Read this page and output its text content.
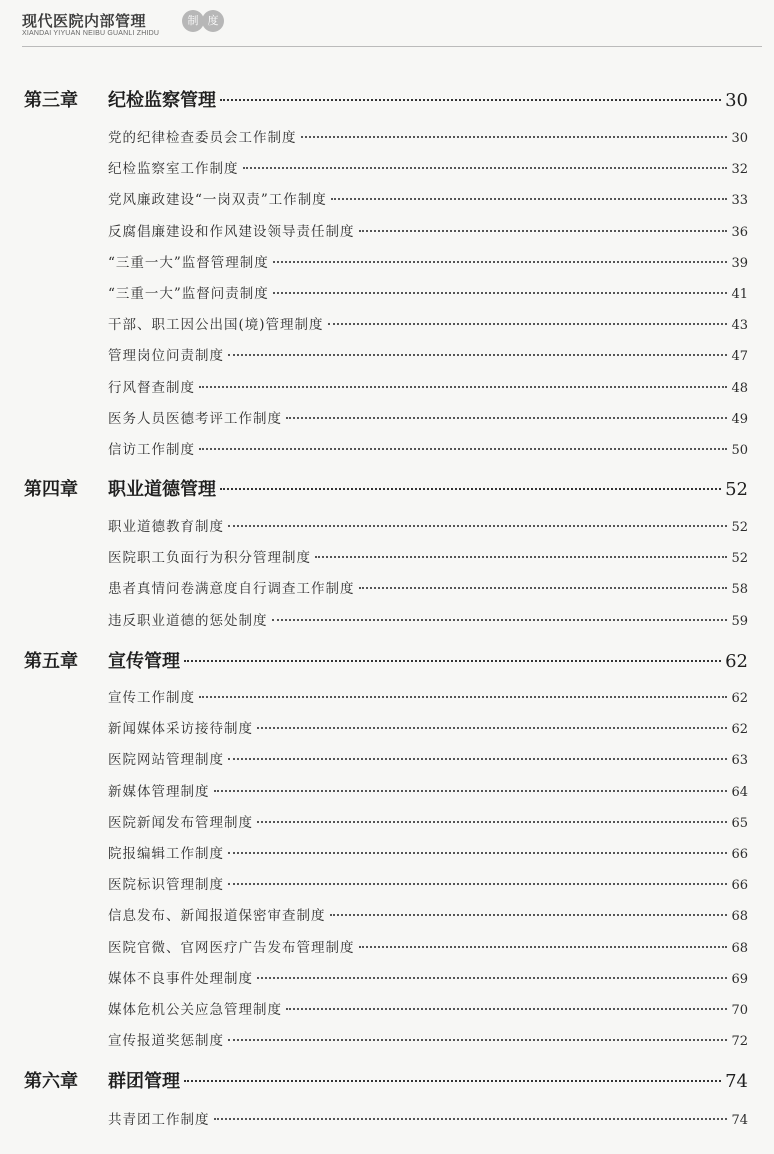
现代医院内部管理
XIANDAI YIYUAN NEIBU GUANLI ZHIDU
制 度
第三章 纪检监察管理	30
党的纪律检查委员会工作制度	30
纪检监察室工作制度	32
党风廉政建设“一岗双责”工作制度	33
反腐倡廉建设和作风建设领导责任制度	36
“三重一大”监督管理制度	39
“三重一大”监督问责制度	41
干部、职工因公出国(境)管理制度	43
管理岗位问责制度	47
行风督查制度	48
医务人员医德考评工作制度	49
信访工作制度	50
第四章 职业道德管理	52
职业道德教育制度	52
医院职工负面行为积分管理制度	52
患者真情问卷满意度自行调查工作制度	58
违反职业道德的惩处制度	59
第五章 宣传管理	62
宣传工作制度	62
新闻媒体采访接待制度	62
医院网站管理制度	63
新媒体管理制度	64
医院新闻发布管理制度	65
院报编辑工作制度	66
医院标识管理制度	66
信息发布、新闻报道保密审查制度	68
医院官微、官网医疗广告发布管理制度	68
媒体不良事件处理制度	69
媒体危机公关应急管理制度	70
宣传报道奖惩制度	72
第六章 群团管理	74
共青团工作制度	74
